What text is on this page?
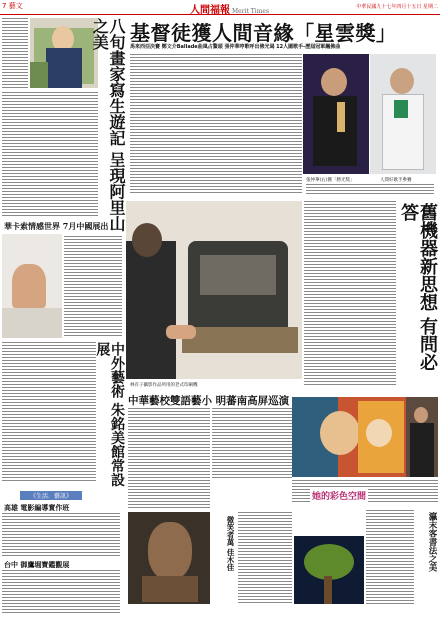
7 藝文	人間福報 Merit Times
中華民國九十七年四月十五日 星期二
八旬畫家寫生遊記 呈現阿里山之美
華卡索情感世界 7月中國展出
中外藝術 朱銘美館常設展
《生活．藝訊》
高雄 電影編導實作班
台中 御鷹堀寶鑑觀展
基督徒獲人間音緣「星雲獎」
馬來西亞決賽 鄭文介Ballade曲風占鰲頭 張仲華哼歌呼出佛光谒 12人圍歌手-歷屆冠軍飆佛曲
張仲華(右)獲「勝光獎」	人間好歌手參賽
林有子攝影作品所用的老式印刷機
舊機器新思想 有問必答
中華藝校雙語藝小 明蕃南高屏巡演
她的彩色空間
微笑者萬 佳木佳	瀛末客書法之美
